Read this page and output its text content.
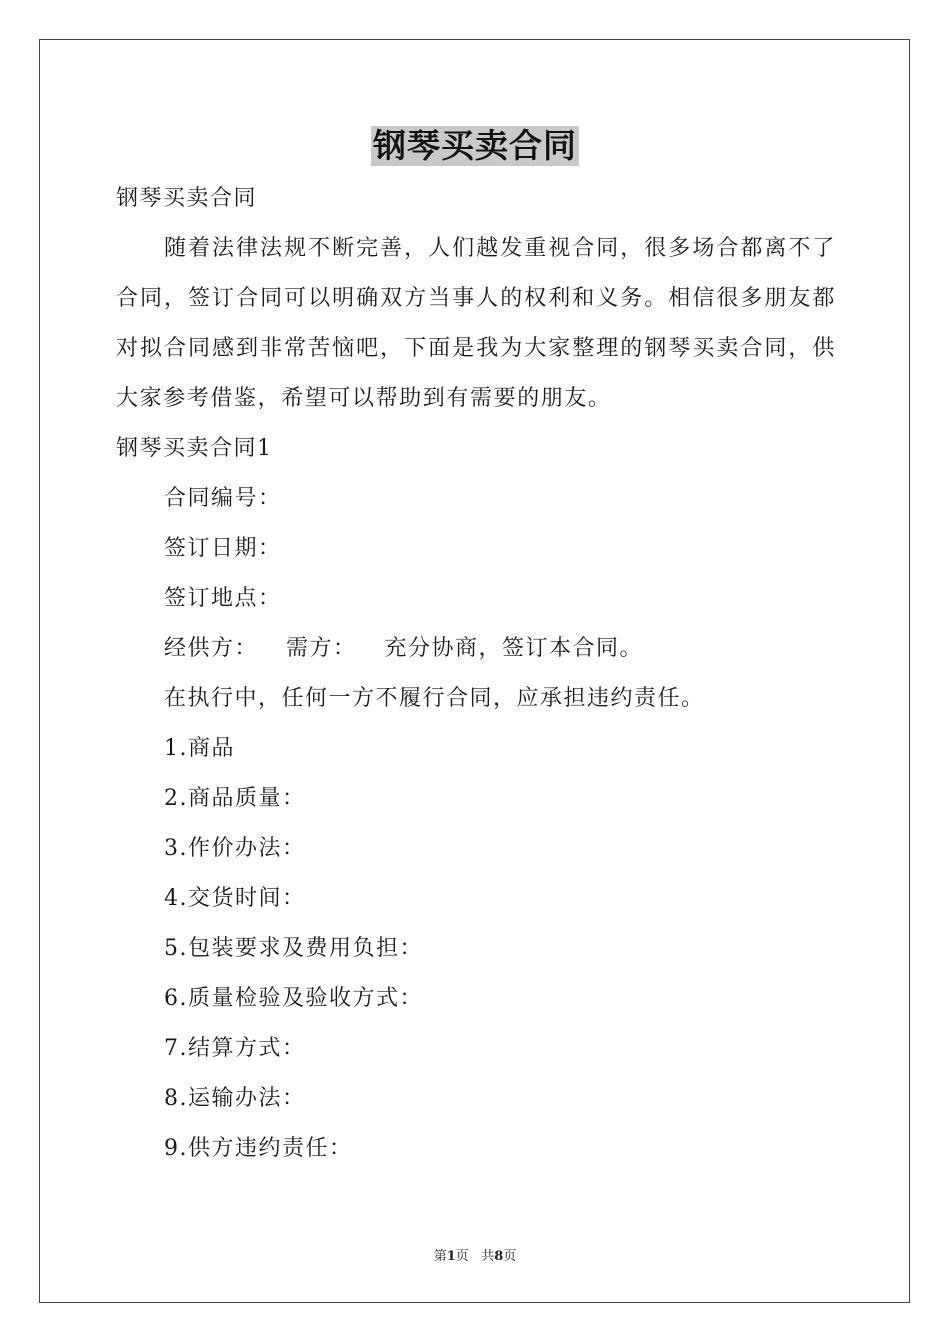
钢琴买卖合同
钢琴买卖合同
随着法律法规不断完善，人们越发重视合同，很多场合都离不了合同，签订合同可以明确双方当事人的权利和义务。相信很多朋友都对拟合同感到非常苦恼吧，下面是我为大家整理的钢琴买卖合同，供大家参考借鉴，希望可以帮助到有需要的朋友。
钢琴买卖合同1
合同编号：
签订日期：
签订地点：
经供方： 需方： 充分协商，签订本合同。
在执行中，任何一方不履行合同，应承担违约责任。
1.商品
2.商品质量：
3.作价办法：
4.交货时间：
5.包装要求及费用负担：
6.质量检验及验收方式：
7.结算方式：
8.运输办法：
9.供方违约责任：
第1页 共8页
